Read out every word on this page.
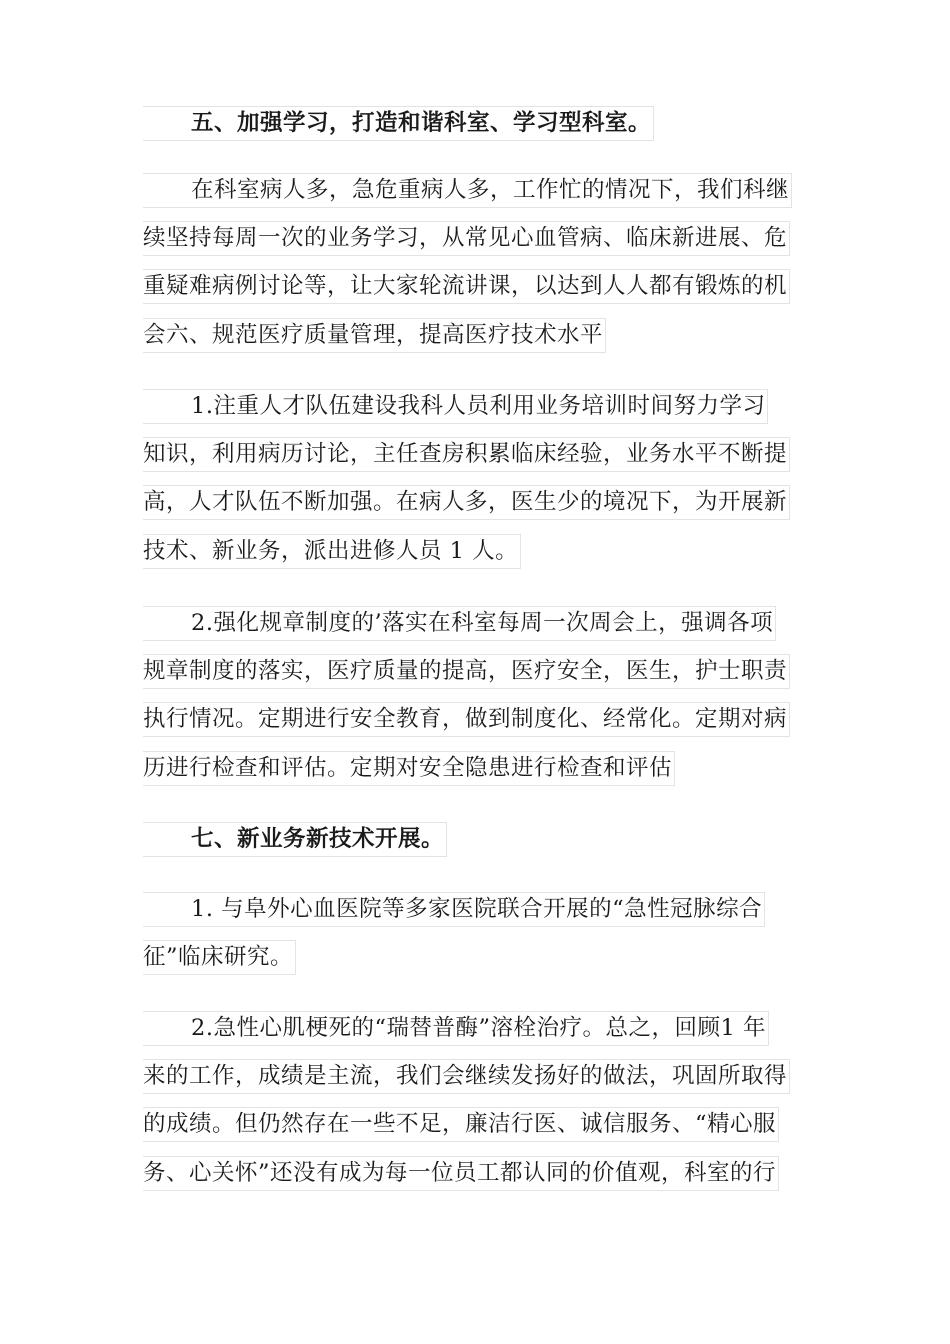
五、加强学习，打造和谐科室、学习型科室。
在科室病人多，急危重病人多，工作忙的情况下，我们科继
续坚持每周一次的业务学习，从常见心血管病、临床新进展、危
重疑难病例讨论等，让大家轮流讲课，以达到人人都有锻炼的机
会六、规范医疗质量管理，提高医疗技术水平
1.注重人才队伍建设我科人员利用业务培训时间努力学习
知识，利用病历讨论，主任查房积累临床经验，业务水平不断提
高，人才队伍不断加强。在病人多，医生少的境况下，为开展新
技术、新业务，派出进修人员 1 人。
2.强化规章制度的’落实在科室每周一次周会上，强调各项
规章制度的落实，医疗质量的提高，医疗安全，医生，护士职责
执行情况。定期进行安全教育，做到制度化、经常化。定期对病
历进行检查和评估。定期对安全隐患进行检查和评估
七、新业务新技术开展。
1. 与阜外心血医院等多家医院联合开展的“急性冠脉综合
征”临床研究。
2.急性心肌梗死的“瑞替普酶”溶栓治疗。总之，回顾1 年
来的工作，成绩是主流，我们会继续发扬好的做法，巩固所取得
的成绩。但仍然存在一些不足，廉洁行医、诚信服务、“精心服
务、心关怀”还没有成为每一位员工都认同的价值观，科室的行
